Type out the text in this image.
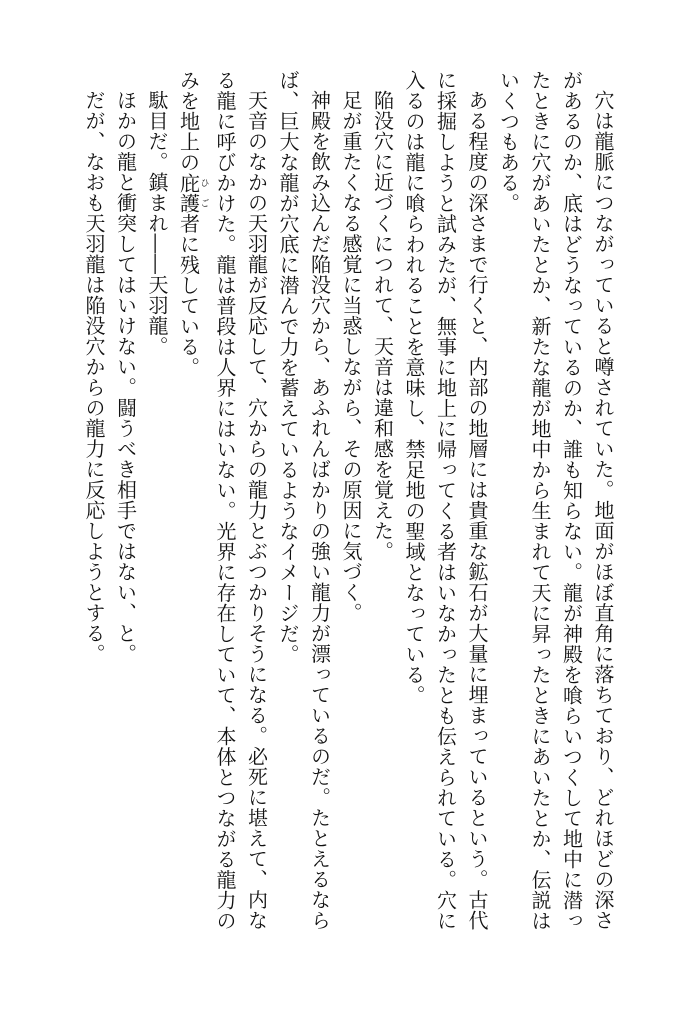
穴は龍脈につながっていると噂されていた。地面がほぼ直角に落ちており、どれほどの深さ

があるのか、底はどうなっているのか、誰も知らない。龍が神殿を喰らいつくして地中に潜っ

たときに穴があいたとか、新たな龍が地中から生まれて天に昇ったときにあいたとか、伝説は

いくつもある。

ある程度の深さまで行くと、内部の地層には貴重な鉱石が大量に埋まっているという。古代

に採掘しようと試みたが、無事に地上に帰ってくる者はいなかったとも伝えられている。穴に

入るのは龍に喰らわれることを意味し、禁足地の聖域となっている。

陥没穴に近づくにつれて、天音は違和感を覚えた。

足が重たくなる感覚に当惑しながら、その原因に気づく。

神殿を飲み込んだ陥没穴から、あふれんばかりの強い龍力が漂っているのだ。たとえるなら

ば、巨大な龍が穴底に潜んで力を蓄えているようなイメージだ。

天音のなかの天羽龍が反応して、穴からの龍力とぶつかりそうになる。必死に堪えて、内な

る龍に呼びかけた。龍は普段は人界にはいない。光界に存在していて、本体とつながる龍力の

みを地上の庇ひ護ご者に残している。

駄目だ。鎮まれ――天羽龍。

ほかの龍と衝突してはいけない。闘うべき相手ではない、と。

だが、なおも天羽龍は陥没穴からの龍力に反応しようとする。
